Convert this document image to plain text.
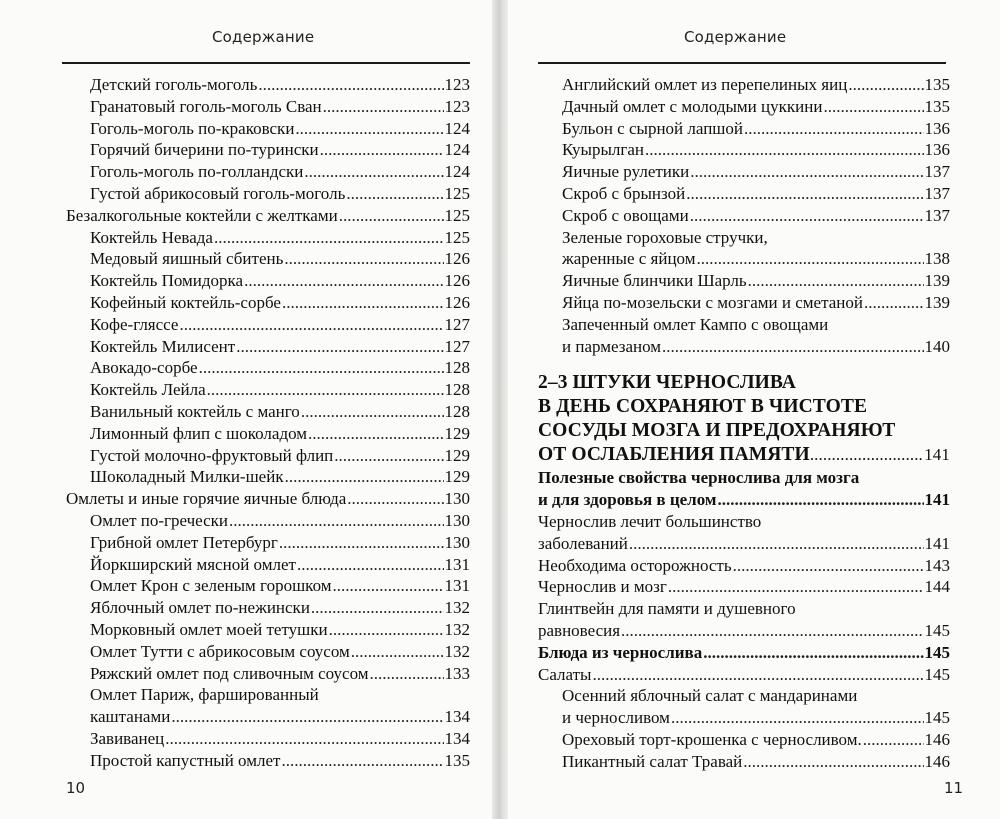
Содержание
Детский гоголь-моголь .....	123
Гранатовый гоголь-моголь Сван .....	123
Гоголь-моголь по-краковски .....	124
Горячий бичерини по-турински .....	124
Гоголь-моголь по-голландски .....	124
Густой абрикосовый гоголь-моголь .....	125
Безалкогольные коктейли с желтками .....	125
Коктейль Невада .....	125
Медовый яишный сбитень .....	126
Коктейль Помидорка .....	126
Кофейный коктейль-сорбе .....	126
Кофе-гляссе .....	127
Коктейль Милисент .....	127
Авокадо-сорбе .....	128
Коктейль Лейла .....	128
Ванильный коктейль с манго .....	128
Лимонный флип с шоколадом .....	129
Густой молочно-фруктовый флип .....	129
Шоколадный Милки-шейк .....	129
Омлеты и иные горячие яичные блюда .....	130
Омлет по-гречески .....	130
Грибной омлет Петербург .....	130
Йоркширский мясной омлет .....	131
Омлет Крон с зеленым горошком .....	131
Яблочный омлет по-нежински .....	132
Морковный омлет моей тетушки .....	132
Омлет Тутти с абрикосовым соусом .....	132
Ряжский омлет под сливочным соусом .....	133
Омлет Париж, фаршированный
каштанами .....	134
Завиванец .....	134
Простой капустный омлет .....	135
10
Содержание
Английский омлет из перепелиных яиц .....	135
Дачный омлет с молодыми цуккини .....	135
Бульон с сырной лапшой .....	136
Куырылган .....	136
Яичные рулетики .....	137
Скроб с брынзой .....	137
Скроб с овощами .....	137
Зеленые гороховые стручки,
жаренные с яйцом .....	138
Яичные блинчики Шарль .....	139
Яйца по-мозельски с мозгами и сметаной .....	139
Запеченный омлет Кампо с овощами
и пармезаном .....	140
2–3 ШТУКИ ЧЕРНОСЛИВА
В ДЕНЬ СОХРАНЯЮТ В ЧИСТОТЕ
СОСУДЫ МОЗГА И ПРЕДОХРАНЯЮТ
ОТ ОСЛАБЛЕНИЯ ПАМЯТИ .....	141
Полезные свойства чернослива для мозга
и для здоровья в целом .....	141
Чернослив лечит большинство
заболеваний .....	141
Необходима осторожность .....	143
Чернослив и мозг .....	144
Глинтвейн для памяти и душевного
равновесия .....	145
Блюда из чернослива .....	145
Салаты .....	145
Осенний яблочный салат с мандаринами
и черносливом .....	145
Ореховый торт-крошенка с черносливом. .....	146
Пикантный салат Травай .....	146
11
